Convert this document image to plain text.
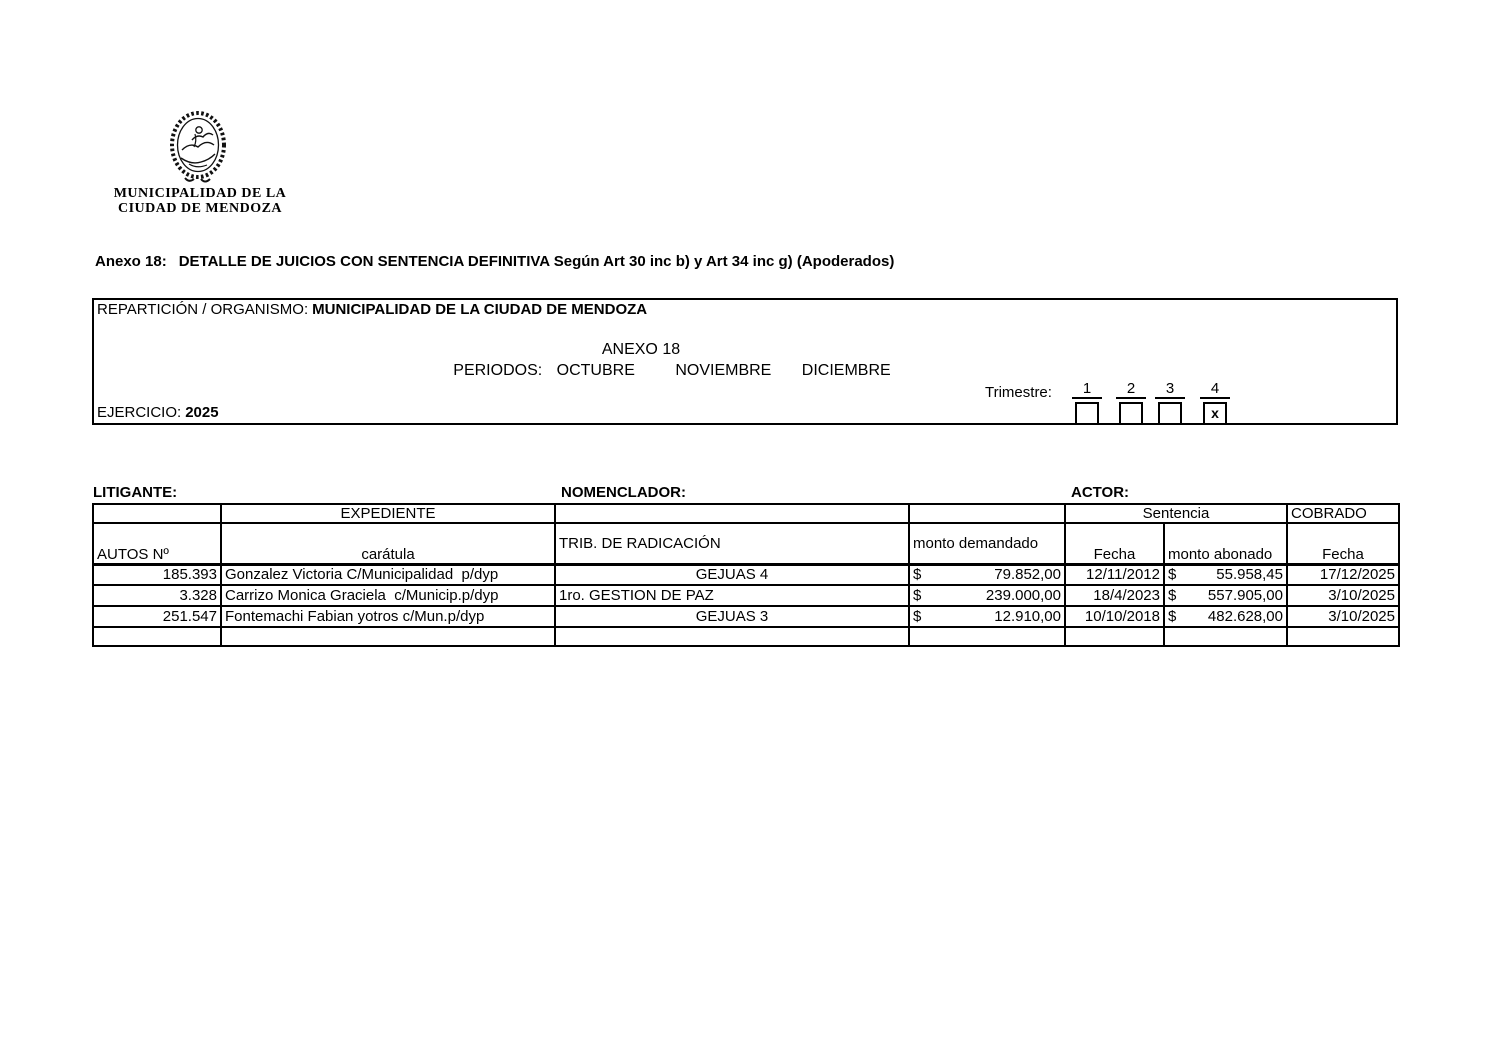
MUNICIPALIDAD DE LA
CIUDAD DE MENDOZA
Anexo 18: DETALLE DE JUICIOS CON SENTENCIA DEFINITIVA Según Art 30 inc b) y Art 34 inc g) (Apoderados)
REPARTICIÓN / ORGANISMO: MUNICIPALIDAD DE LA CIUDAD DE MENDOZA
ANEXO 18
PERIODOS: OCTUBRE	NOVIEMBRE DICIEMBRE
Trimestre:	1	2	3	4
x
EJERCICIO: 2025
LITIGANTE:	NOMENCLADOR:	ACTOR:
	EXPEDIENTE			Sentencia		COBRADO
AUTOS Nº	carátula	TRIB. DE RADICACIÓN	monto demandado	Fecha	monto abonado	Fecha
185.393	Gonzalez Victoria C/Municipalidad  p/dyp	GEJUAS 4	$ 79.852,00	12/11/2012	$ 55.958,45	17/12/2025
3.328	Carrizo Monica Graciela  c/Municip.p/dyp	1ro. GESTION DE PAZ	$ 239.000,00	18/4/2023	$ 557.905,00	3/10/2025
251.547	Fontemachi Fabian yotros c/Mun.p/dyp	GEJUAS 3	$ 12.910,00	10/10/2018	$ 482.628,00	3/10/2025
